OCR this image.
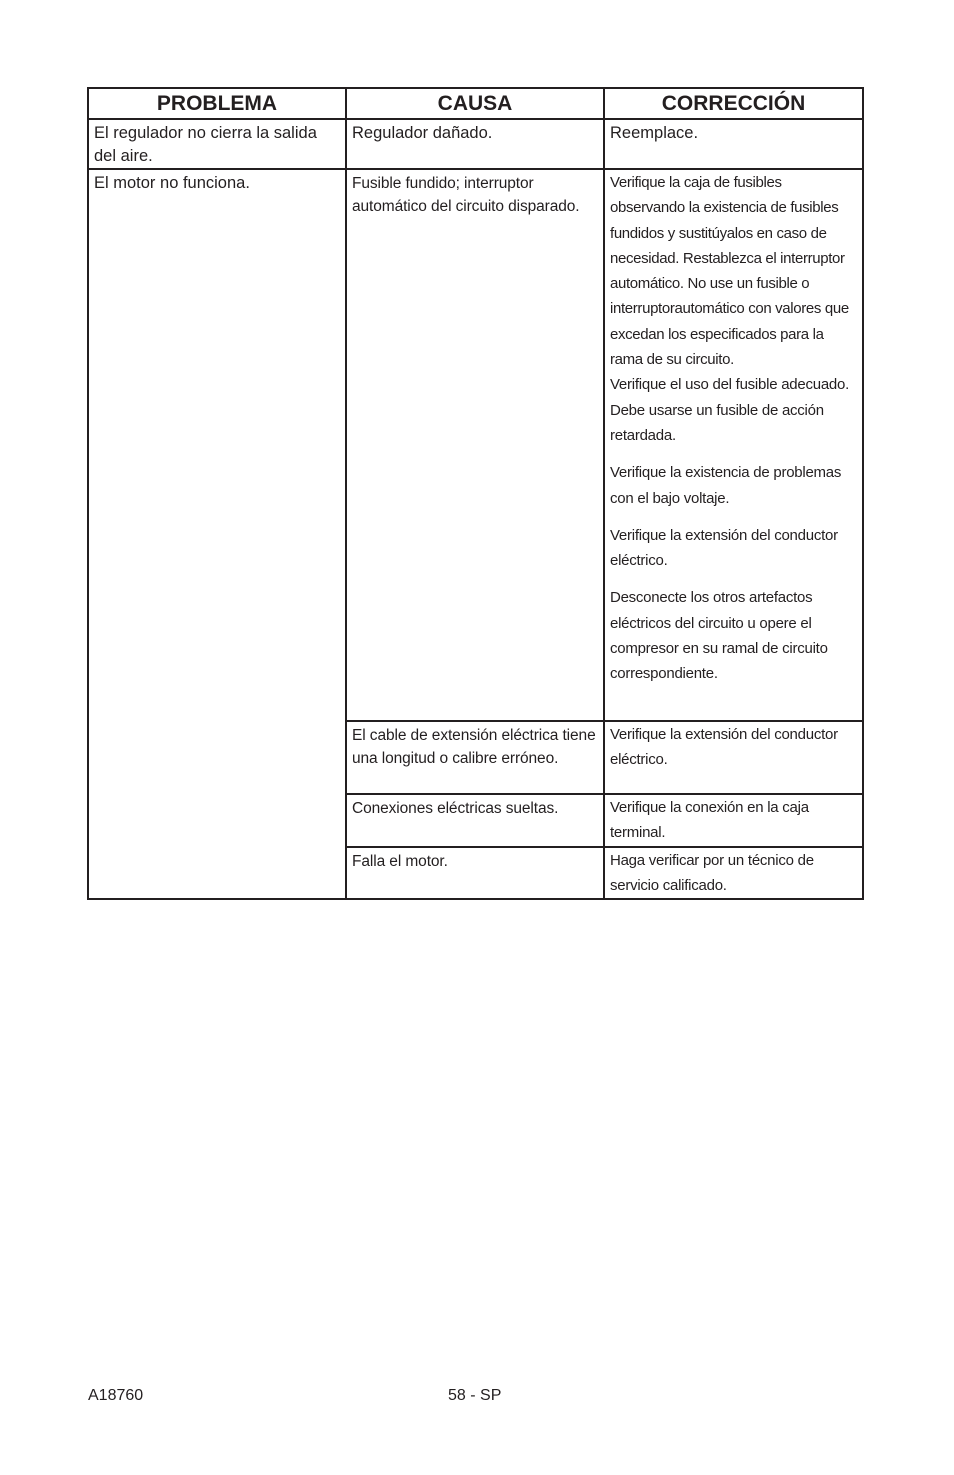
PROBLEMA	CAUSA	CORRECCIÓN
El regulador no cierra la salida del aire.	Regulador dañado.	Reemplace.
El motor no funciona.	Fusible fundido; interruptor automático del circuito disparado.	Verifique la caja de fusibles observando la existencia de fusibles fundidos y sustitúyalos en caso de necesidad. Restablezca el interruptor automático. No use un fusible o interruptorautomático con valores que excedan los especificados para la rama de su circuito.
Verifique el uso del fusible adecuado. Debe usarse un fusible de acción retardada.
Verifique la existencia de problemas con el bajo voltaje.
Verifique la extensión del conductor eléctrico.
Desconecte los otros artefactos eléctricos del circuito u opere el compresor en su ramal de circuito correspondiente.

	El cable de extensión eléctrica tiene una longitud o calibre erróneo.	Verifique la extensión del conductor eléctrico.
	Conexiones eléctricas sueltas.	Verifique la conexión en la caja terminal.
	Falla el motor.	Haga verificar por un técnico de servicio calificado.
A18760	58 - SP
